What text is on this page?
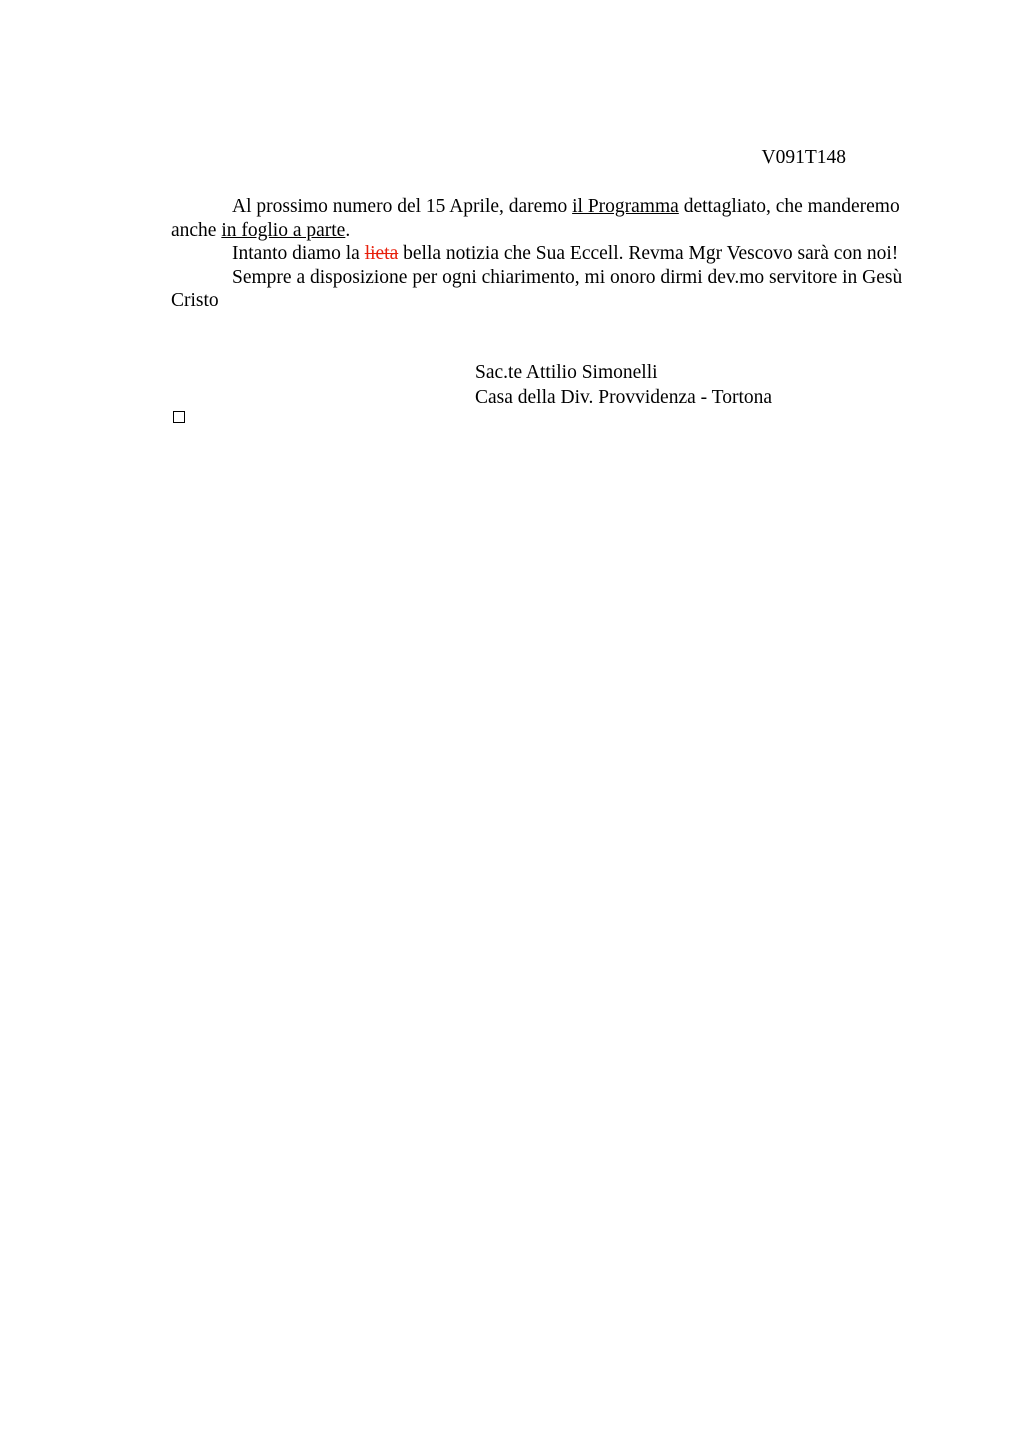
V091T148

Al prossimo numero del 15 Aprile, daremo il Programma dettagliato, che manderemo anche in foglio a parte.

Intanto diamo la lieta bella notizia che Sua Eccell. Revma Mgr Vescovo sarà con noi!

Sempre a disposizione per ogni chiarimento, mi onoro dirmi dev.mo servitore in Gesù Cristo

Sac.te Attilio Simonelli
Casa della Div. Provvidenza - Tortona
